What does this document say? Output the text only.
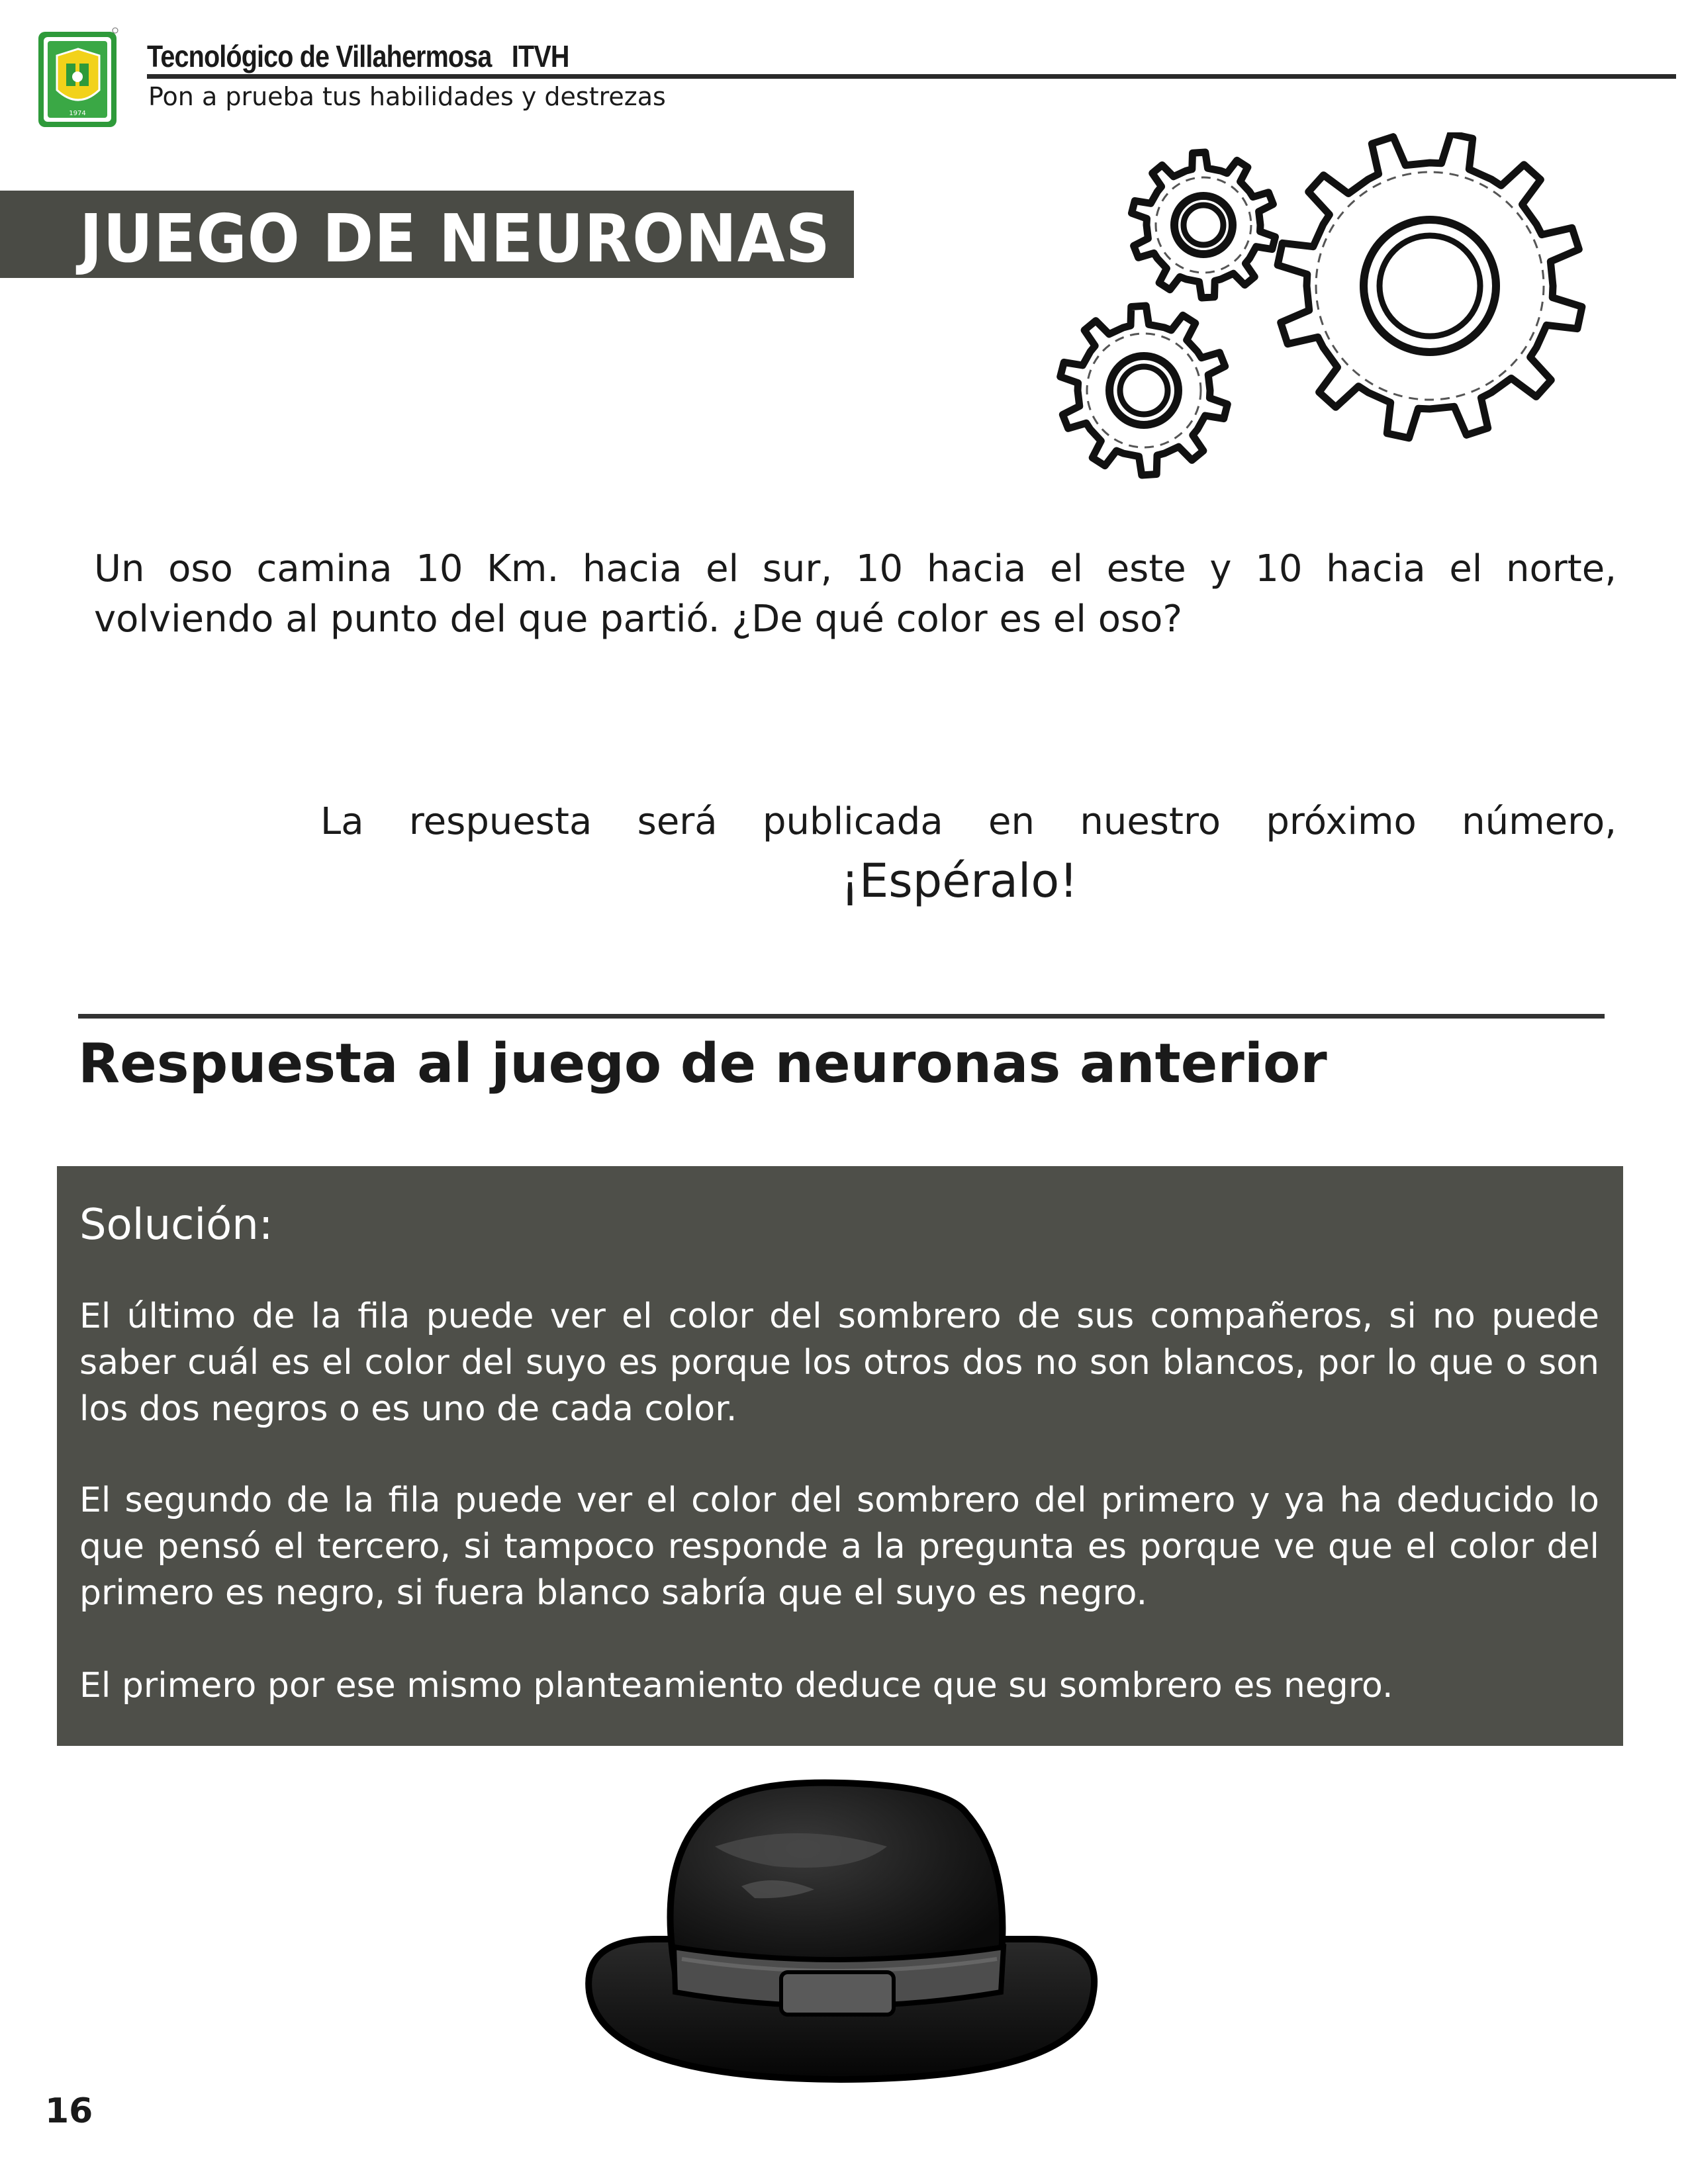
1974
Tecnológico de Villahermosa   ITVH
Pon a prueba tus habilidades y destrezas
JUEGO DE NEURONAS
Un oso camina 10 Km. hacia el sur, 10 hacia el este y 10 hacia el norte, volviendo al punto del que partió. ¿De qué color es el oso?
La respuesta será publicada en nuestro próximo número,
¡Espéralo!
Respuesta al juego de neuronas anterior
Solución:
El último de la fila puede ver el color del sombrero de sus compañeros, si no puede saber cuál es el color del suyo es porque los otros dos no son blancos, por lo que o son los dos negros o es uno de cada color.
El segundo de la fila puede ver el color del sombrero del primero y ya ha deducido lo que pensó el tercero, si tampoco responde a la pregunta es porque ve que el color del primero es negro, si fuera blanco sabría que el suyo es negro.
El primero por ese mismo planteamiento deduce que su sombrero es negro.
16
